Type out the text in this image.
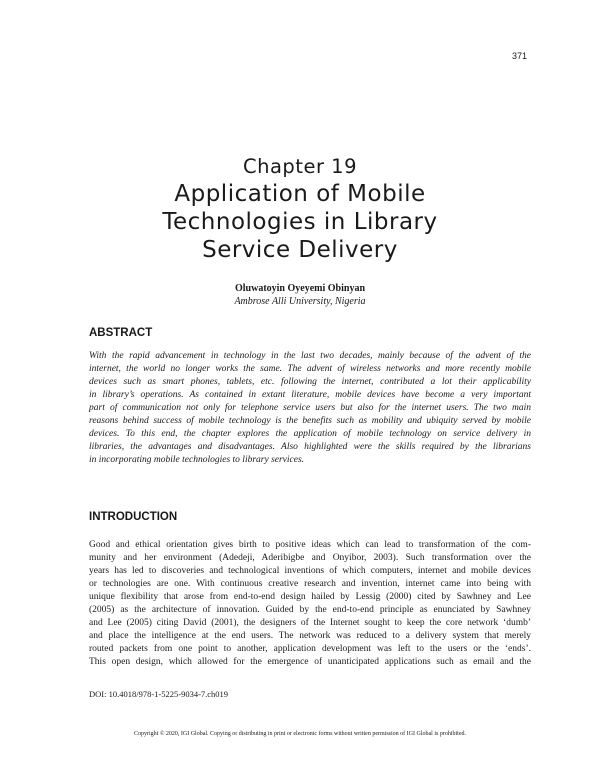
371
Chapter 19
Application of Mobile
Technologies in Library
Service Delivery
Oluwatoyin Oyeyemi Obinyan
Ambrose Alli University, Nigeria
ABSTRACT
With the rapid advancement in technology in the last two decades, mainly because of the advent of the
internet, the world no longer works the same. The advent of wireless networks and more recently mobile
devices such as smart phones, tablets, etc. following the internet, contributed a lot their applicability
in library’s operations. As contained in extant literature, mobile devices have become a very important
part of communication not only for telephone service users but also for the internet users. The two main
reasons behind success of mobile technology is the benefits such as mobility and ubiquity served by mobile
devices. To this end, the chapter explores the application of mobile technology on service delivery in
libraries, the advantages and disadvantages. Also highlighted were the skills required by the librarians
in incorporating mobile technologies to library services.
INTRODUCTION
Good and ethical orientation gives birth to positive ideas which can lead to transformation of the com-
munity and her environment (Adedeji, Aderibigbe and Onyibor, 2003). Such transformation over the
years has led to discoveries and technological inventions of which computers, internet and mobile devices
or technologies are one. With continuous creative research and invention, internet came into being with
unique flexibility that arose from end-to-end design hailed by Lessig (2000) cited by Sawhney and Lee
(2005) as the architecture of innovation. Guided by the end-to-end principle as enunciated by Sawhney
and Lee (2005) citing David (2001), the designers of the Internet sought to keep the core network ‘dumb’
and place the intelligence at the end users. The network was reduced to a delivery system that merely
routed packets from one point to another, application development was left to the users or the ‘ends’.
This open design, which allowed for the emergence of unanticipated applications such as email and the
DOI: 10.4018/978-1-5225-9034-7.ch019
Copyright © 2020, IGI Global. Copying or distributing in print or electronic forms without written permission of IGI Global is prohibited.
